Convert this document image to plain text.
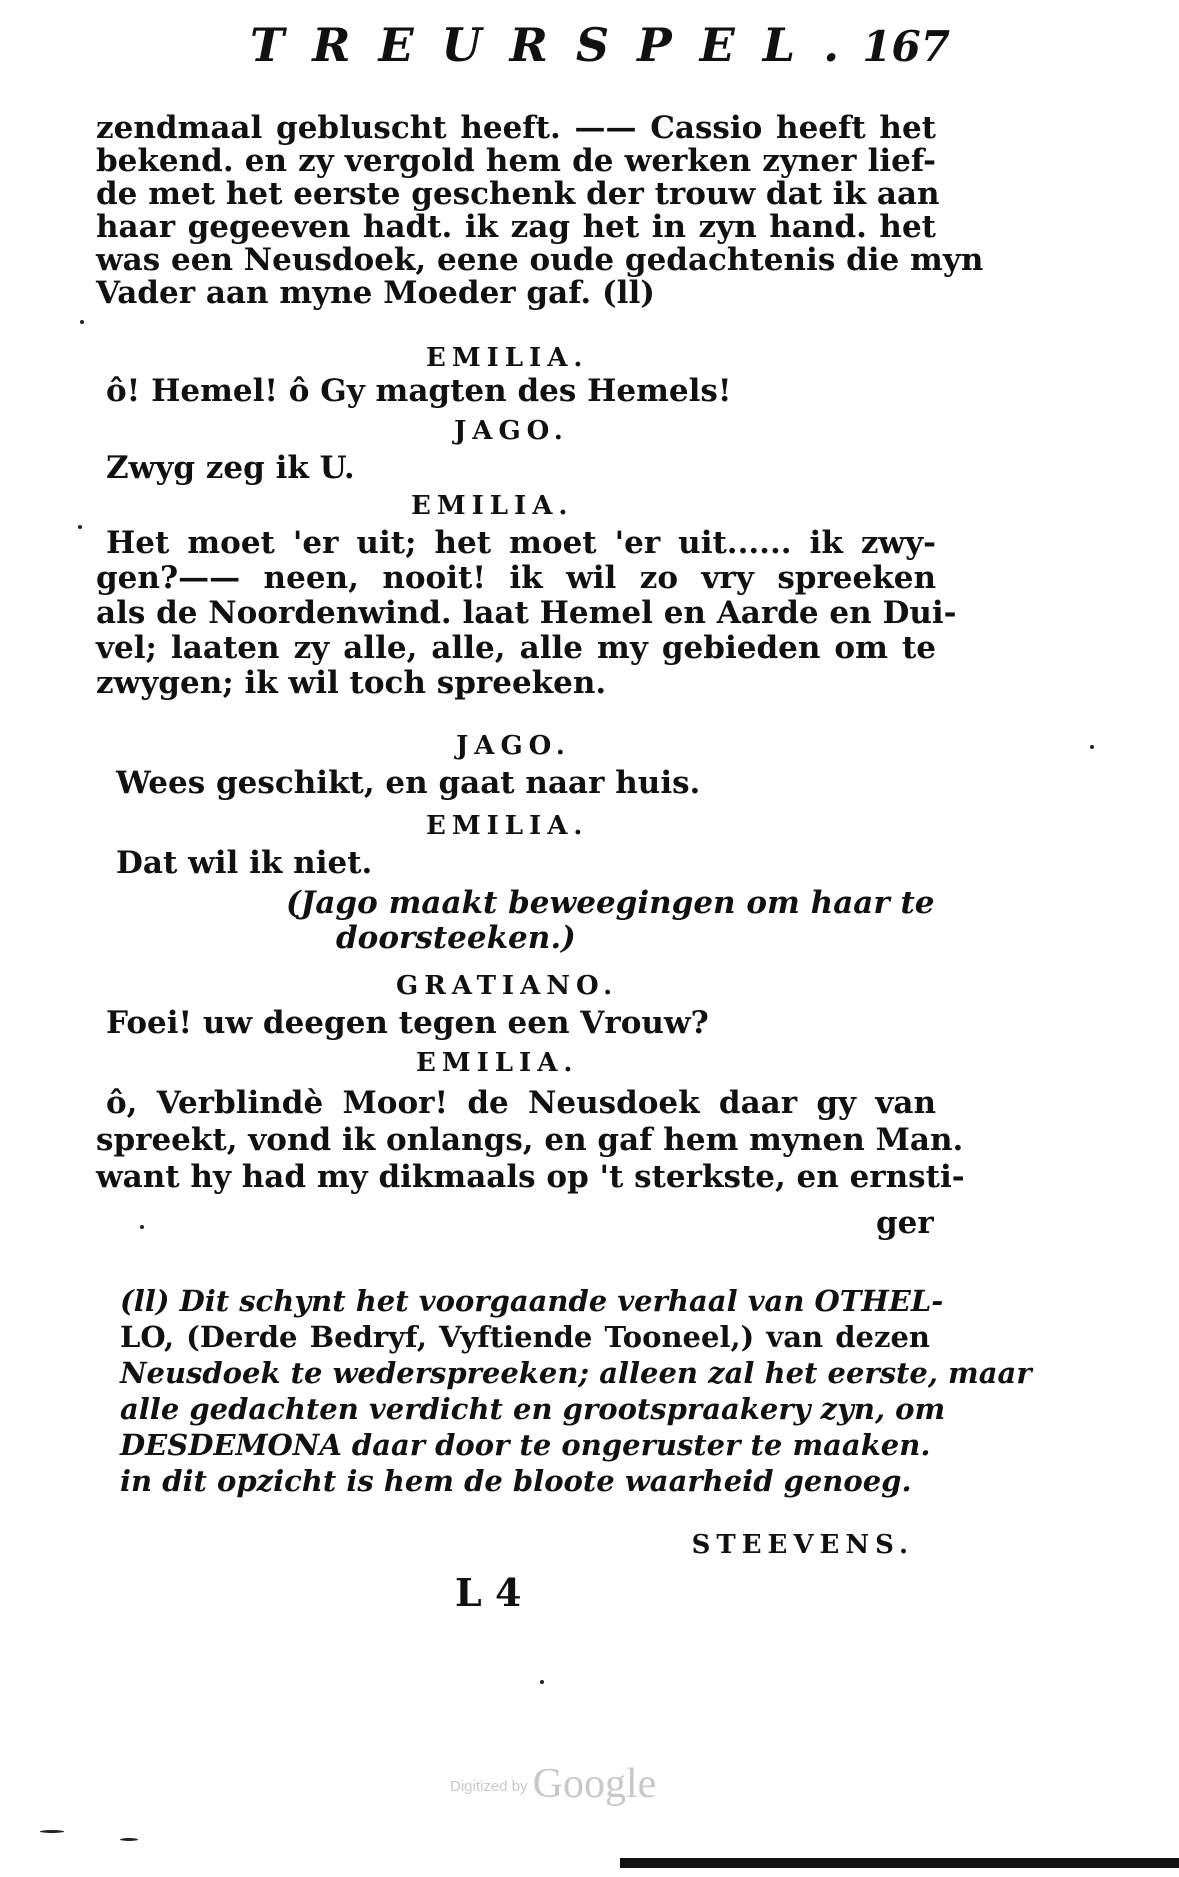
TREURSPEL.
167
zendmaal gebluscht heeft. —— Cassio heeft het
bekend. en zy vergold hem de werken zyner lief-
de met het eerste geschenk der trouw dat ik aan
haar gegeeven hadt. ik zag het in zyn hand. het
was een Neusdoek, eene oude gedachtenis die myn
Vader aan myne Moeder gaf. (ll)
EMILIA.
ô! Hemel! ô Gy magten des Hemels!
JAGO.
Zwyg zeg ik U.
EMILIA.
Het moet 'er uit; het moet 'er uit...... ik zwy-
gen?—— neen, nooit! ik wil zo vry spreeken
als de Noordenwind. laat Hemel en Aarde en Dui-
vel; laaten zy alle, alle, alle my gebieden om te
zwygen; ik wil toch spreeken.
JAGO.
Wees geschikt, en gaat naar huis.
EMILIA.
Dat wil ik niet.
(Jago maakt beweegingen om haar te
doorsteeken.)
GRATIANO.
Foei! uw deegen tegen een Vrouw?
EMILIA.
ô, Verblindè Moor! de Neusdoek daar gy van
spreekt, vond ik onlangs, en gaf hem mynen Man.
want hy had my dikmaals op 't sterkste, en ernsti-
ger
(ll) Dit schynt het voorgaande verhaal van OTHEL-
LO, (Derde Bedryf, Vyftiende Tooneel,) van dezen
Neusdoek te wederspreeken; alleen zal het eerste, maar
alle gedachten verdicht en grootspraakery zyn, om
DESDEMONA daar door te ongeruster te maaken.
in dit opzicht is hem de bloote waarheid genoeg.
STEEVENS.
L 4
Digitized by Google
